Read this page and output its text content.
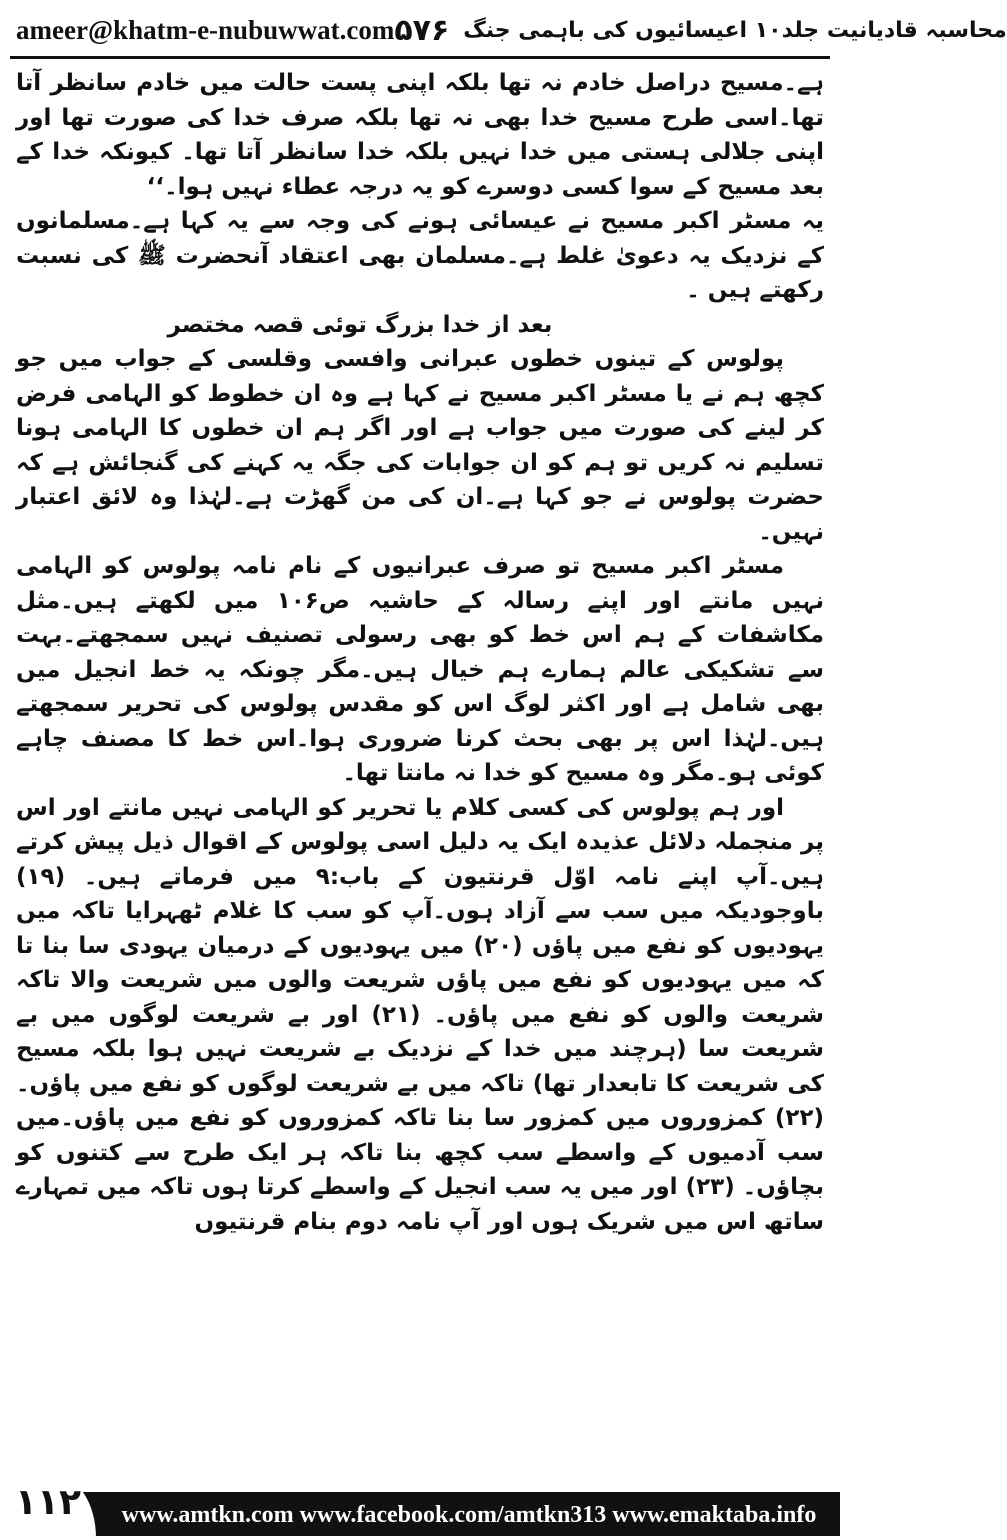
ameer@khatm-e-nubuwwat.com	محاسبہ قادیانیت جلد۱۰ اعیسائیوں کی باہمی جنگ
۵۷۶

ہے۔مسیح دراصل خادم نہ تھا بلکہ اپنی پست حالت میں خادم سانظر آتا تھا۔اسی طرح مسیح خدا بھی نہ تھا بلکہ صرف خدا کی صورت تھا اور اپنی جلالی ہستی میں خدا نہیں بلکہ خدا سانظر آتا تھا۔ کیونکہ خدا کے بعد مسیح کے سوا کسی دوسرے کو یہ درجہ عطاء نہیں ہوا۔‘‘

یہ مسٹر اکبر مسیح نے عیسائی ہونے کی وجہ سے یہ کہا ہے۔مسلمانوں کے نزدیک یہ دعویٰ غلط ہے۔مسلمان بھی اعتقاد آنحضرت ﷺ کی نسبت رکھتے ہیں ۔

بعد از خدا بزرگ توئی قصہ مختصر

پولوس کے تینوں خطوں عبرانی وافسی وقلسی کے جواب میں جو کچھ ہم نے یا مسٹر اکبر مسیح نے کہا ہے وہ ان خطوط کو الہامی فرض کر لینے کی صورت میں جواب ہے اور اگر ہم ان خطوں کا الہامی ہونا تسلیم نہ کریں تو ہم کو ان جوابات کی جگہ یہ کہنے کی گنجائش ہے کہ حضرت پولوس نے جو کہا ہے۔ان کی من گھڑت ہے۔لہٰذا وہ لائق اعتبار نہیں۔

مسٹر اکبر مسیح تو صرف عبرانیوں کے نام نامہ پولوس کو الہامی نہیں مانتے اور اپنے رسالہ کے حاشیہ ص۱۰۶ میں لکھتے ہیں۔مثل مکاشفات کے ہم اس خط کو بھی رسولی تصنیف نہیں سمجھتے۔بہت سے تشکیکی عالم ہمارے ہم خیال ہیں۔مگر چونکہ یہ خط انجیل میں بھی شامل ہے اور اکثر لوگ اس کو مقدس پولوس کی تحریر سمجھتے ہیں۔لہٰذا اس پر بھی بحث کرنا ضروری ہوا۔اس خط کا مصنف چاہے کوئی ہو۔مگر وہ مسیح کو خدا نہ مانتا تھا۔

اور ہم پولوس کی کسی کلام یا تحریر کو الہامی نہیں مانتے اور اس پر منجملہ دلائل عذیدہ ایک یہ دلیل اسی پولوس کے اقوال ذیل پیش کرتے ہیں۔آپ اپنے نامہ اوّل قرنتیون کے باب:۹ میں فرماتے ہیں۔ (۱۹) باوجودیکہ میں سب سے آزاد ہوں۔آپ کو سب کا غلام ٹھہرایا تاکہ میں یہودیوں کو نفع میں پاؤں (۲۰) میں یہودیوں کے درمیان یہودی سا بنا تا کہ میں یہودیوں کو نفع میں پاؤں شریعت والوں میں شریعت والا تاکہ شریعت والوں کو نفع میں پاؤں۔ (۲۱) اور بے شریعت لوگوں میں بے شریعت سا (ہرچند میں خدا کے نزدیک بے شریعت نہیں ہوا بلکہ مسیح کی شریعت کا تابعدار تھا) تاکہ میں بے شریعت لوگوں کو نفع میں پاؤں۔ (۲۲) کمزوروں میں کمزور سا بنا تاکہ کمزوروں کو نفع میں پاؤں۔میں سب آدمیوں کے واسطے سب کچھ بنا تاکہ ہر ایک طرح سے کتنوں کو بچاؤں۔ (۲۳) اور میں یہ سب انجیل کے واسطے کرتا ہوں تاکہ میں تمہارے ساتھ اس میں شریک ہوں اور آپ نامہ دوم بنام قرنتیوں

۱۱۲	www.amtkn.com www.facebook.com/amtkn313 www.emaktaba.info
